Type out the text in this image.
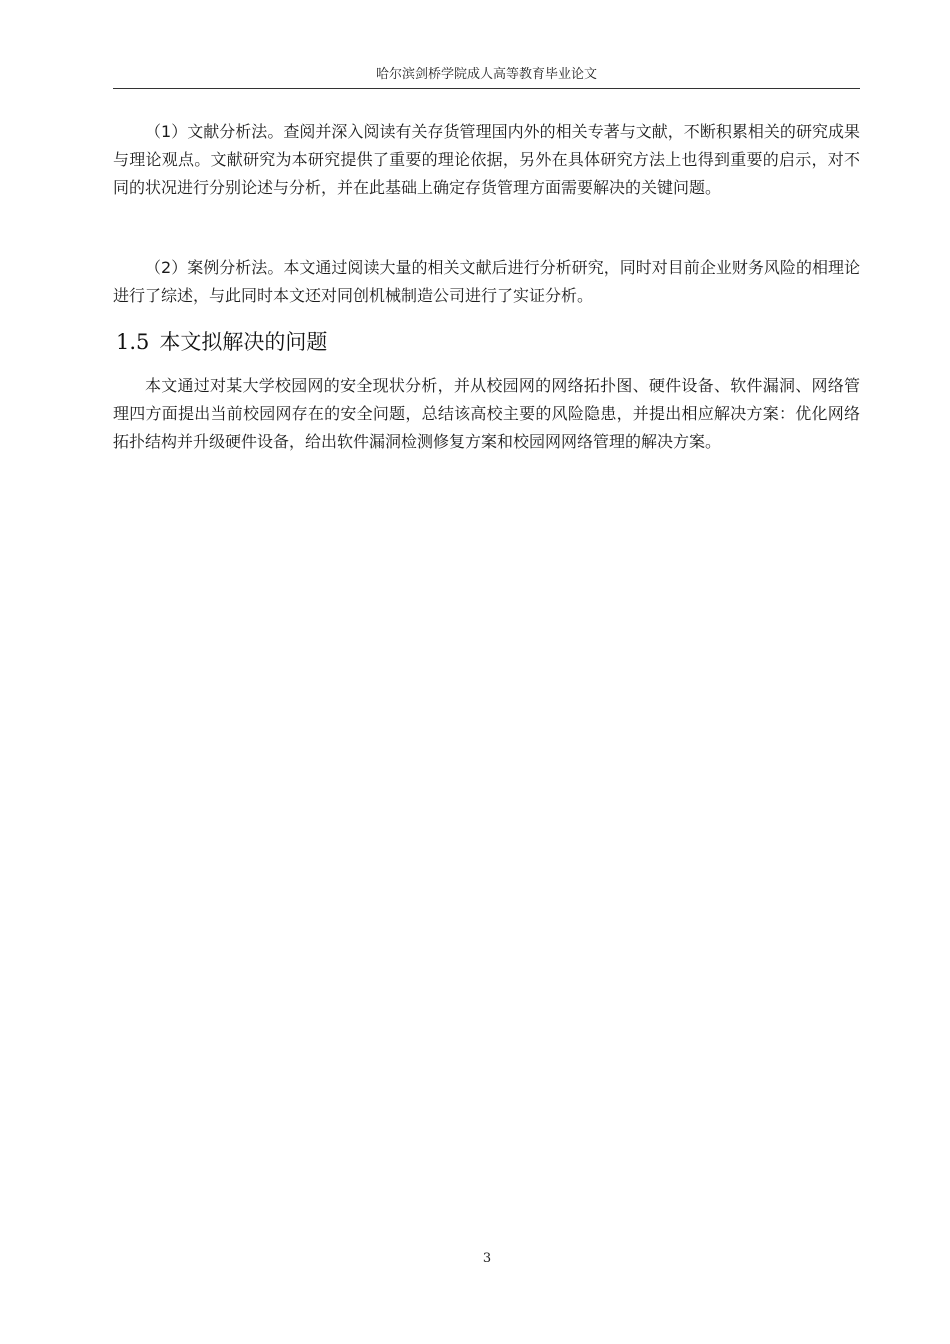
哈尔滨剑桥学院成人高等教育毕业论文

（1）文献分析法。查阅并深入阅读有关存货管理国内外的相关专著与文献，不断积累相关的研究成果与理论观点。文献研究为本研究提供了重要的理论依据，另外在具体研究方法上也得到重要的启示，对不同的状况进行分别论述与分析，并在此基础上确定存货管理方面需要解决的关键问题。

（2）案例分析法。本文通过阅读大量的相关文献后进行分析研究，同时对目前企业财务风险的相理论进行了综述，与此同时本文还对同创机械制造公司进行了实证分析。

1.5 本文拟解决的问题

本文通过对某大学校园网的安全现状分析，并从校园网的网络拓扑图、硬件设备、软件漏洞、网络管理四方面提出当前校园网存在的安全问题，总结该高校主要的风险隐患，并提出相应解决方案：优化网络拓扑结构并升级硬件设备，给出软件漏洞检测修复方案和校园网网络管理的解决方案。

3
